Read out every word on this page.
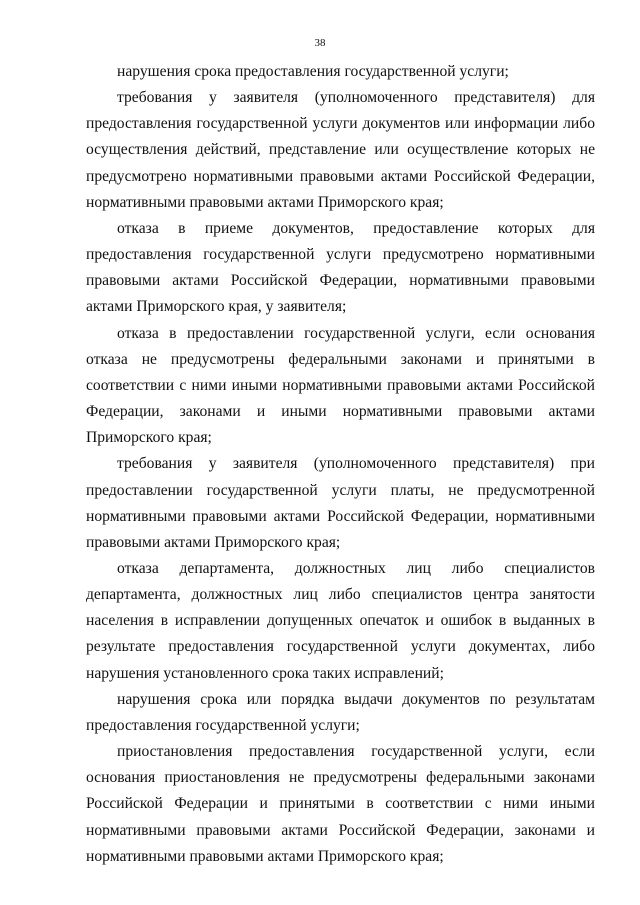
38

нарушения срока предоставления государственной услуги;

требования у заявителя (уполномоченного представителя) для предоставления государственной услуги документов или информации либо осуществления действий, представление или осуществление которых не предусмотрено нормативными правовыми актами Российской Федерации, нормативными правовыми актами Приморского края;

отказа в приеме документов, предоставление которых для предоставления государственной услуги предусмотрено нормативными правовыми актами Российской Федерации, нормативными правовыми актами Приморского края, у заявителя;

отказа в предоставлении государственной услуги, если основания отказа не предусмотрены федеральными законами и принятыми в соответствии с ними иными нормативными правовыми актами Российской Федерации, законами и иными нормативными правовыми актами Приморского края;

требования у заявителя (уполномоченного представителя) при предоставлении государственной услуги платы, не предусмотренной нормативными правовыми актами Российской Федерации, нормативными правовыми актами Приморского края;

отказа департамента, должностных лиц либо специалистов департамента, должностных лиц либо специалистов центра занятости населения в исправлении допущенных опечаток и ошибок в выданных в результате предоставления государственной услуги документах, либо нарушения установленного срока таких исправлений;

нарушения срока или порядка выдачи документов по результатам предоставления государственной услуги;

приостановления предоставления государственной услуги, если основания приостановления не предусмотрены федеральными законами Российской Федерации и принятыми в соответствии с ними иными нормативными правовыми актами Российской Федерации, законами и нормативными правовыми актами Приморского края;
